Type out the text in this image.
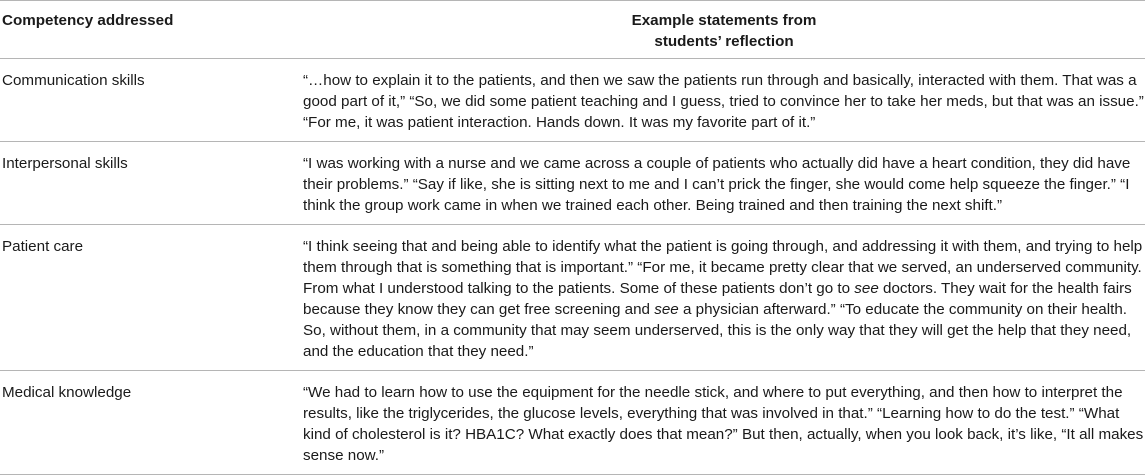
Competency addressed	Example statements from
students’ reflection
Communication skills	“…how to explain it to the patients, and then we saw the patients run through and basically, interacted with them. That was a good part of it,” “So, we did some patient teaching and I guess, tried to convince her to take her meds, but that was an issue.” “For me, it was patient interaction. Hands down. It was my favorite part of it.”

Interpersonal skills	“I was working with a nurse and we came across a couple of patients who actually did have a heart condition, they did have their problems.” “Say if like, she is sitting next to me and I can’t prick the finger, she would come help squeeze the finger.” “I think the group work came in when we trained each other. Being trained and then training the next shift.”

Patient care	“I think seeing that and being able to identify what the patient is going through, and addressing it with them, and trying to help them through that is something that is important.” “For me, it became pretty clear that we served, an underserved community. From what I understood talking to the patients. Some of these patients don’t go to see doctors. They wait for the health fairs because they know they can get free screening and see a physician afterward.” “To educate the community on their health. So, without them, in a community that may seem underserved, this is the only way that they will get the help that they need, and the education that they need.”

Medical knowledge	“We had to learn how to use the equipment for the needle stick, and where to put everything, and then how to interpret the results, like the triglycerides, the glucose levels, everything that was involved in that.” “Learning how to do the test.” “What kind of cholesterol is it? HBA1C? What exactly does that mean?” But then, actually, when you look back, it’s like, “It all makes sense now.”
